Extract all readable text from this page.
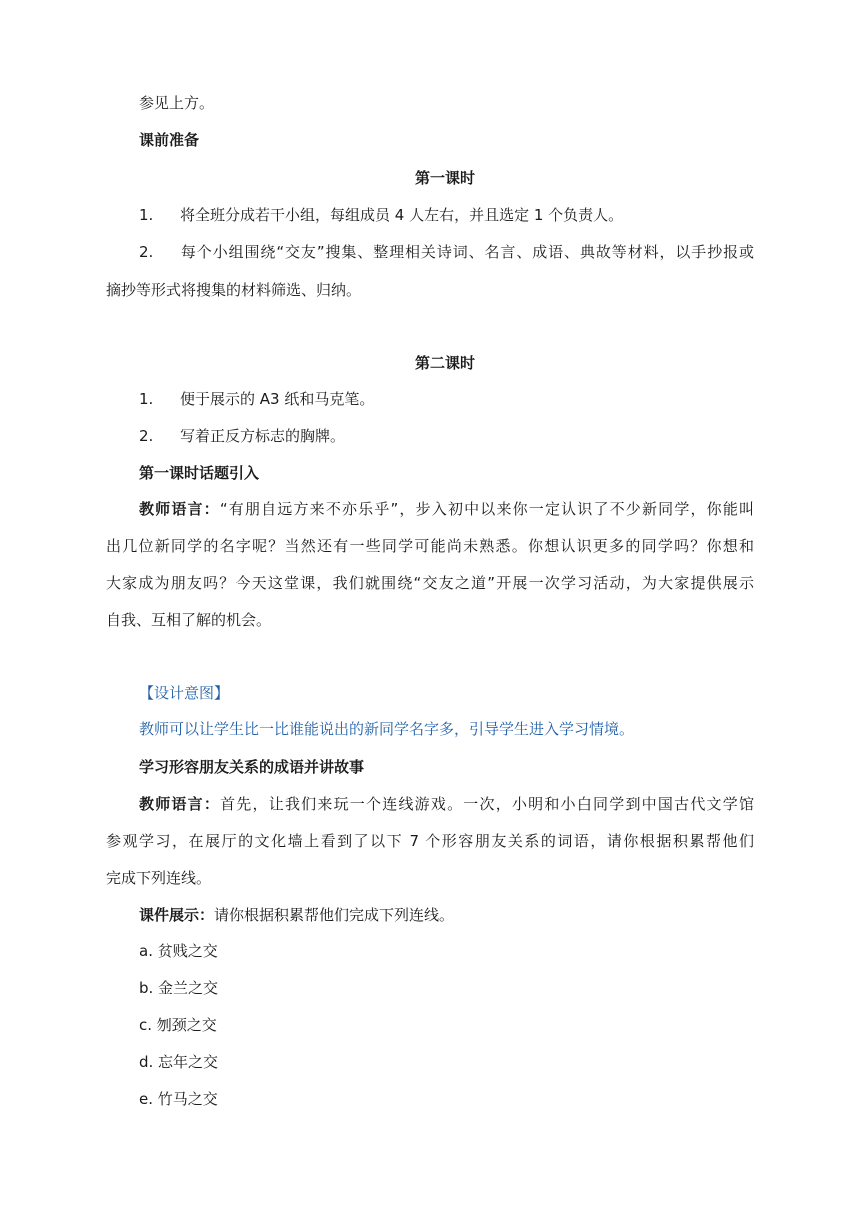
参见上方。
课前准备
第一课时
1. 将全班分成若干小组，每组成员 4 人左右，并且选定 1 个负责人。
2. 每个小组围绕“交友”搜集、整理相关诗词、名言、成语、典故等材料，以手抄报或
摘抄等形式将搜集的材料筛选、归纳。
第二课时
1. 便于展示的 A3 纸和马克笔。
2. 写着正反方标志的胸牌。
第一课时话题引入
教师语言：“有朋自远方来不亦乐乎”，步入初中以来你一定认识了不少新同学，你能叫
出几位新同学的名字呢？当然还有一些同学可能尚未熟悉。你想认识更多的同学吗？你想和
大家成为朋友吗？今天这堂课，我们就围绕“交友之道”开展一次学习活动，为大家提供展示
自我、互相了解的机会。
【设计意图】
教师可以让学生比一比谁能说出的新同学名字多，引导学生进入学习情境。
学习形容朋友关系的成语并讲故事
教师语言：首先，让我们来玩一个连线游戏。一次，小明和小白同学到中国古代文学馆
参观学习，在展厅的文化墙上看到了以下 7 个形容朋友关系的词语，请你根据积累帮他们
完成下列连线。
课件展示：请你根据积累帮他们完成下列连线。
a. 贫贱之交
b. 金兰之交
c. 刎颈之交
d. 忘年之交
e. 竹马之交
